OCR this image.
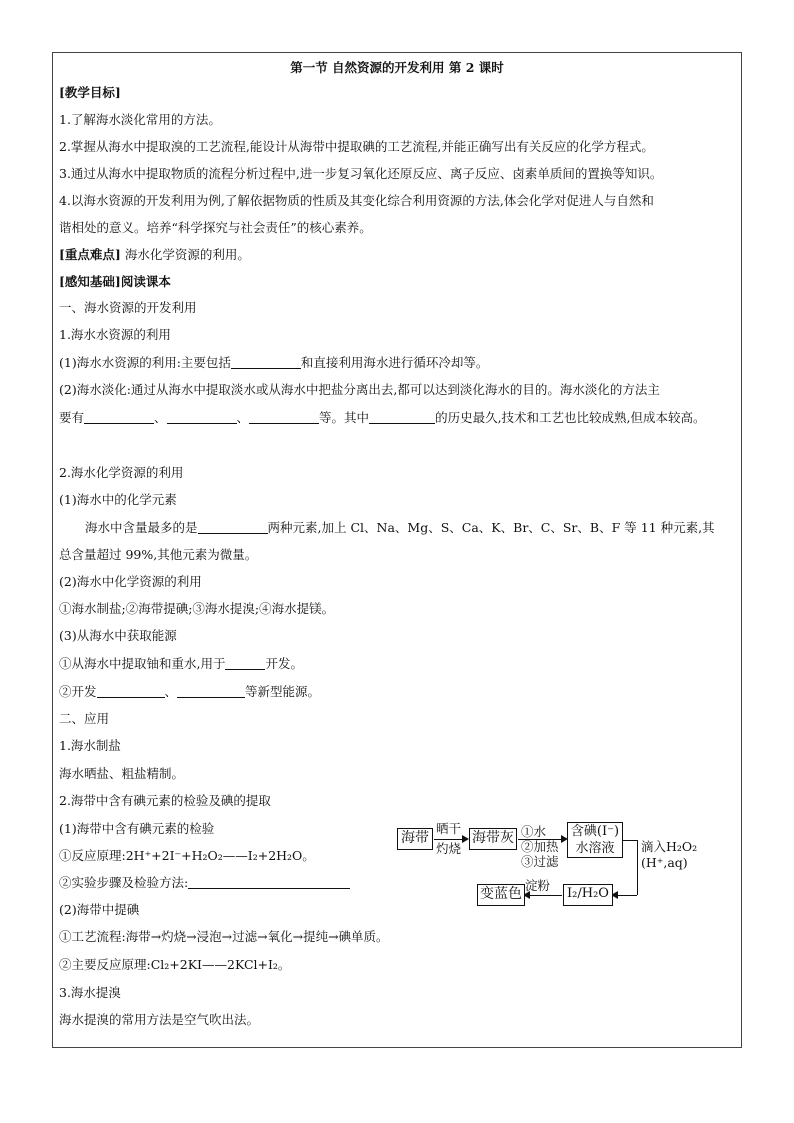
第一节 自然资源的开发利用 第 2 课时
[教学目标]
1.了解海水淡化常用的方法。
2.掌握从海水中提取溴的工艺流程,能设计从海带中提取碘的工艺流程,并能正确写出有关反应的化学方程式。
3.通过从海水中提取物质的流程分析过程中,进一步复习氧化还原反应、离子反应、卤素单质间的置换等知识。
4.以海水资源的开发利用为例,了解依据物质的性质及其变化综合利用资源的方法,体会化学对促进人与自然和
谐相处的意义。培养“科学探究与社会责任”的核心素养。
[重点难点] 海水化学资源的利用。
[感知基础]阅读课本
一、海水资源的开发利用
1.海水水资源的利用
(1)海水水资源的利用:主要包括	和直接利用海水进行循环冷却等。
(2)海水淡化:通过从海水中提取淡水或从海水中把盐分离出去,都可以达到淡化海水的目的。海水淡化的方法主
要有	、	、	等。其中	的历史最久,技术和工艺也比较成熟,但成本较高。
2.海水化学资源的利用
(1)海水中的化学元素
海水中含量最多的是	两种元素,加上 Cl、Na、Mg、S、Ca、K、Br、C、Sr、B、F 等 11 种元素,其
总含量超过 99%,其他元素为微量。
(2)海水中化学资源的利用
①海水制盐;②海带提碘;③海水提溴;④海水提镁。
(3)从海水中获取能源
①从海水中提取铀和重水,用于	开发。
②开发	、	等新型能源。
二、应用
1.海水制盐
海水晒盐、粗盐精制。
2.海带中含有碘元素的检验及碘的提取
(1)海带中含有碘元素的检验
①反应原理:2H⁺+2I⁻+H₂O₂——I₂+2H₂O。
②实验步骤及检验方法:
(2)海带中提碘
①工艺流程:海带→灼烧→浸泡→过滤→氧化→提纯→碘单质。
②主要反应原理:Cl₂+2KI——2KCl+I₂。
3.海水提溴
海水提溴的常用方法是空气吹出法。
海带
晒干
灼烧
海带灰 ①水
②加热
③过滤
含碘(I⁻)
水溶液	滴入H₂O₂
(H⁺,aq)
I₂/H₂O
淀粉
变蓝色
